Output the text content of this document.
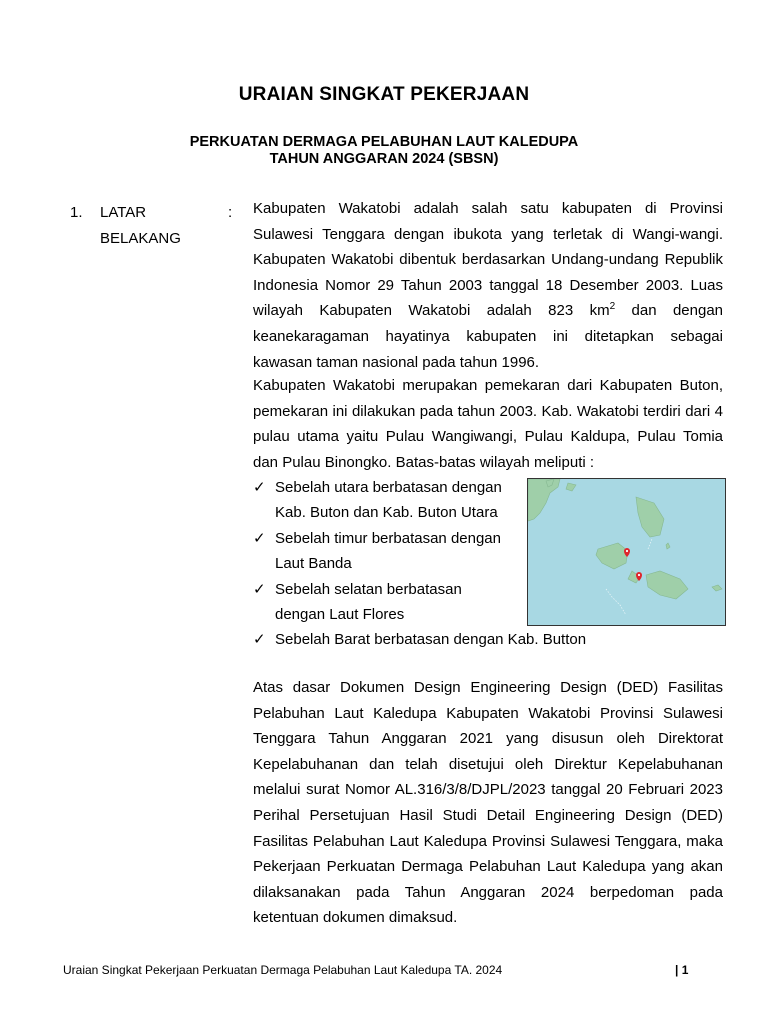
URAIAN SINGKAT PEKERJAAN
PERKUATAN DERMAGA PELABUHAN LAUT KALEDUPA
TAHUN ANGGARAN 2024 (SBSN)
1. LATAR
BELAKANG
: Kabupaten Wakatobi adalah salah satu kabupaten di Provinsi Sulawesi Tenggara dengan ibukota yang terletak di Wangi-wangi. Kabupaten Wakatobi dibentuk berdasarkan Undang-undang Republik Indonesia Nomor 29 Tahun 2003 tanggal 18 Desember 2003. Luas wilayah Kabupaten Wakatobi adalah 823 $km^2$ dan dengan keanekaragaman hayatinya kabupaten ini ditetapkan sebagai kawasan taman nasional pada tahun 1996.

Kabupaten Wakatobi merupakan pemekaran dari Kabupaten Buton, pemekaran ini dilakukan pada tahun 2003. Kab. Wakatobi terdiri dari 4 pulau utama yaitu Pulau Wangiwangi, Pulau Kaldupa, Pulau Tomia dan Pulau Binongko. Batas-batas wilayah meliputi :

✓ Sebelah utara berbatasan dengan
Kab. Buton dan Kab. Buton Utara
✓ Sebelah timur berbatasan dengan
Laut Banda
✓ Sebelah selatan berbatasan
dengan Laut Flores
✓ Sebelah Barat berbatasan dengan Kab. Button

Atas dasar Dokumen Design Engineering Design (DED) Fasilitas Pelabuhan Laut Kaledupa Kabupaten Wakatobi Provinsi Sulawesi Tenggara Tahun Anggaran 2021 yang disusun oleh Direktorat Kepelabuhanan dan telah disetujui oleh Direktur Kepelabuhanan melalui surat Nomor AL.316/3/8/DJPL/2023 tanggal 20 Februari 2023 Perihal Persetujuan Hasil Studi Detail Engineering Design (DED) Fasilitas Pelabuhan Laut Kaledupa Provinsi Sulawesi Tenggara, maka Pekerjaan Perkuatan Dermaga Pelabuhan Laut Kaledupa yang akan dilaksanakan pada Tahun Anggaran 2024 berpedoman pada ketentuan dokumen dimaksud.

Uraian Singkat Pekerjaan Perkuatan Dermaga Pelabuhan Laut Kaledupa TA. 2024	| 1
